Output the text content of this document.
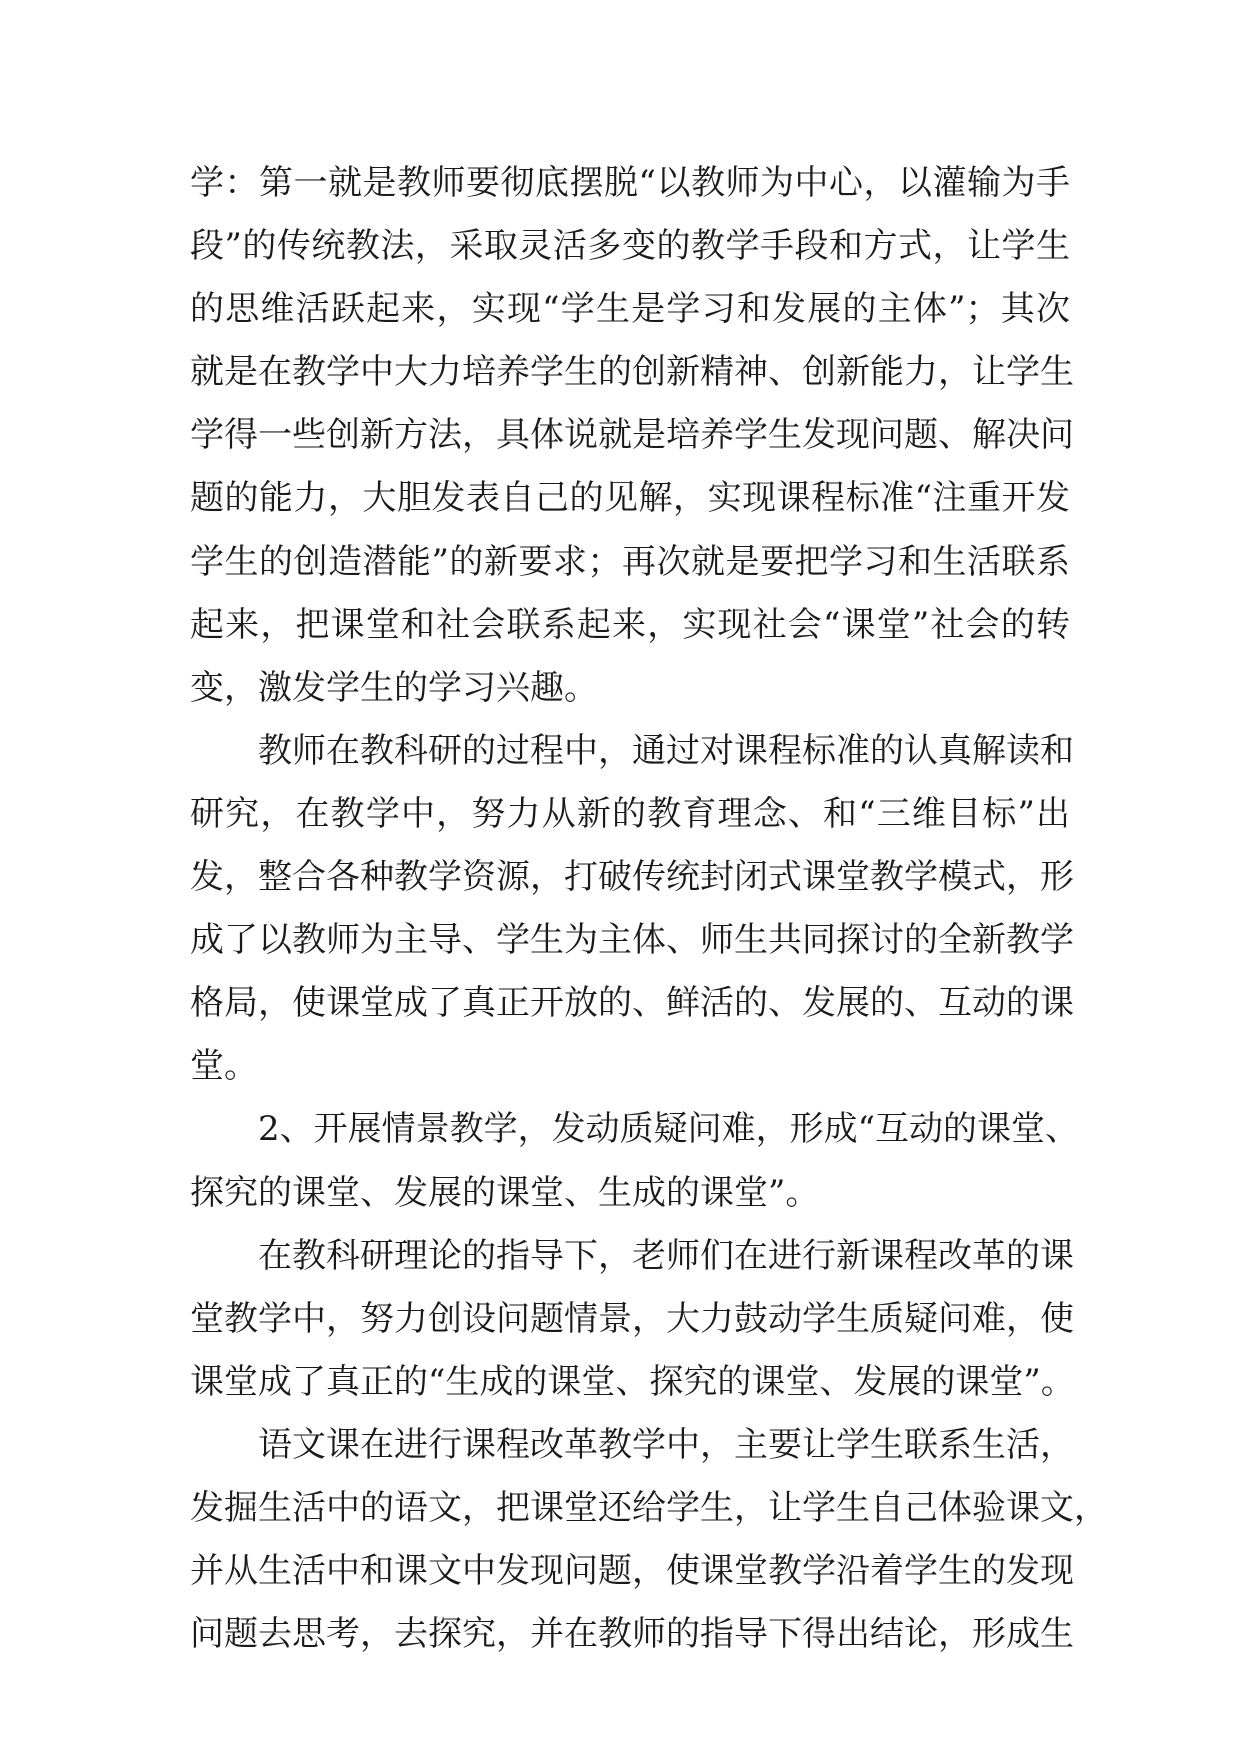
学：第一就是教师要彻底摆脱“以教师为中心，以灌输为手
段”的传统教法，采取灵活多变的教学手段和方式，让学生
的思维活跃起来，实现“学生是学习和发展的主体”；其次
就是在教学中大力培养学生的创新精神、创新能力，让学生
学得一些创新方法，具体说就是培养学生发现问题、解决问
题的能力，大胆发表自己的见解，实现课程标准“注重开发
学生的创造潜能”的新要求；再次就是要把学习和生活联系
起来，把课堂和社会联系起来，实现社会“课堂”社会的转
变，激发学生的学习兴趣。
教师在教科研的过程中，通过对课程标准的认真解读和
研究，在教学中，努力从新的教育理念、和“三维目标”出
发，整合各种教学资源，打破传统封闭式课堂教学模式，形
成了以教师为主导、学生为主体、师生共同探讨的全新教学
格局，使课堂成了真正开放的、鲜活的、发展的、互动的课
堂。
2、开展情景教学，发动质疑问难，形成“互动的课堂、
探究的课堂、发展的课堂、生成的课堂”。
在教科研理论的指导下，老师们在进行新课程改革的课
堂教学中，努力创设问题情景，大力鼓动学生质疑问难，使
课堂成了真正的“生成的课堂、探究的课堂、发展的课堂”。
语文课在进行课程改革教学中，主要让学生联系生活，
发掘生活中的语文，把课堂还给学生，让学生自己体验课文，
并从生活中和课文中发现问题，使课堂教学沿着学生的发现
问题去思考，去探究，并在教师的指导下得出结论，形成生
